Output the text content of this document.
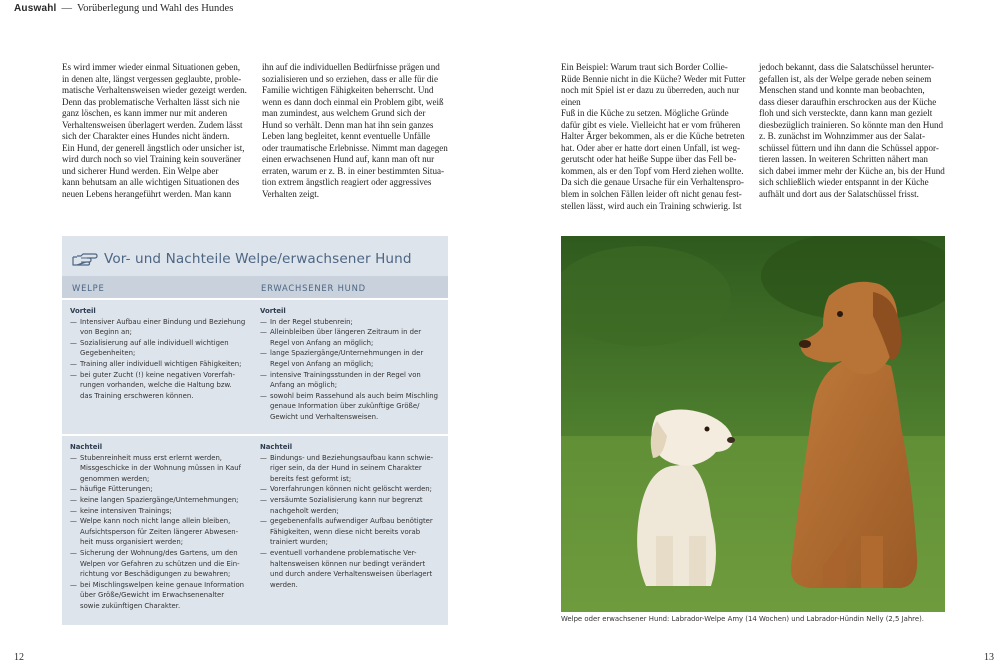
Auswahl — Vorüberlegung und Wahl des Hundes

Es wird immer wieder einmal Situationen geben,
in denen alte, längst vergessen geglaubte, proble-
matische Verhaltensweisen wieder gezeigt werden.
Denn das problematische Verhalten lässt sich nie
ganz löschen, es kann immer nur mit anderen
Verhaltensweisen überlagert werden. Zudem lässt
sich der Charakter eines Hundes nicht ändern.
Ein Hund, der generell ängstlich oder unsicher ist,
wird durch noch so viel Training kein souveräner
und sicherer Hund werden. Ein Welpe aber
kann behutsam an alle wichtigen Situationen des
neuen Lebens herangeführt werden. Man kann

ihn auf die individuellen Bedürfnisse prägen und
sozialisieren und so erziehen, dass er alle für die
Familie wichtigen Fähigkeiten beherrscht. Und
wenn es dann doch einmal ein Problem gibt, weiß
man zumindest, aus welchem Grund sich der
Hund so verhält. Denn man hat ihn sein ganzes
Leben lang begleitet, kennt eventuelle Unfälle
oder traumatische Erlebnisse. Nimmt man dagegen
einen erwachsenen Hund auf, kann man oft nur
erraten, warum er z. B. in einer bestimmten Situa-
tion extrem ängstlich reagiert oder aggressives
Verhalten zeigt.

Ein Beispiel: Warum traut sich Border Collie-
Rüde Bennie nicht in die Küche? Weder mit Futter
noch mit Spiel ist er dazu zu überreden, auch nur einen
Fuß in die Küche zu setzen. Mögliche Gründe
dafür gibt es viele. Vielleicht hat er vom früheren
Halter Ärger bekommen, als er die Küche betreten
hat. Oder aber er hatte dort einen Unfall, ist weg-
gerutscht oder hat heiße Suppe über das Fell be-
kommen, als er den Topf vom Herd ziehen wollte.
Da sich die genaue Ursache für ein Verhaltenspro-
blem in solchen Fällen leider oft nicht genau fest-
stellen lässt, wird auch ein Training schwierig. Ist

jedoch bekannt, dass die Salatschüssel herunter-
gefallen ist, als der Welpe gerade neben seinem
Menschen stand und konnte man beobachten,
dass dieser daraufhin erschrocken aus der Küche
floh und sich versteckte, dann kann man gezielt
diesbezüglich trainieren. So könnte man den Hund
z. B. zunächst im Wohnzimmer aus der Salat-
schüssel füttern und ihn dann die Schüssel appor-
tieren lassen. In weiteren Schritten nähert man
sich dabei immer mehr der Küche an, bis der Hund
sich schließlich wieder entspannt in der Küche
aufhält und dort aus der Salatschüssel frisst.

Vor- und Nachteile Welpe/erwachsener Hund
WELPE	ERWACHSENER HUND
Vorteil
— Intensiver Aufbau einer Bindung und Beziehung
von Beginn an;
— Sozialisierung auf alle individuell wichtigen
Gegebenheiten;
— Training aller individuell wichtigen Fähigkeiten;
— bei guter Zucht (!) keine negativen Vorerfah-
rungen vorhanden, welche die Haltung bzw.
das Training erschweren können.
Vorteil
— In der Regel stubenrein;
— Alleinbleiben über längeren Zeitraum in der
Regel von Anfang an möglich;
— lange Spaziergänge/Unternehmungen in der
Regel von Anfang an möglich;
— intensive Trainingsstunden in der Regel von
Anfang an möglich;
— sowohl beim Rassehund als auch beim Mischling
genaue Information über zukünftige Größe/
Gewicht und Verhaltensweisen.
Nachteil
— Stubenreinheit muss erst erlernt werden,
Missgeschicke in der Wohnung müssen in Kauf
genommen werden;
— häufige Fütterungen;
— keine langen Spaziergänge/Unternehmungen;
— keine intensiven Trainings;
— Welpe kann noch nicht lange allein bleiben,
Aufsichtsperson für Zeiten längerer Abwesen-
heit muss organisiert werden;
— Sicherung der Wohnung/des Gartens, um den
Welpen vor Gefahren zu schützen und die Ein-
richtung vor Beschädigungen zu bewahren;
— bei Mischlingswelpen keine genaue Information
über Größe/Gewicht im Erwachsenenalter
sowie zukünftigen Charakter.
Nachteil
— Bindungs- und Beziehungsaufbau kann schwie-
riger sein, da der Hund in seinem Charakter
bereits fest geformt ist;
— Vorerfahrungen können nicht gelöscht werden;
— versäumte Sozialisierung kann nur begrenzt
nachgeholt werden;
— gegebenenfalls aufwendiger Aufbau benötigter
Fähigkeiten, wenn diese nicht bereits vorab
trainiert wurden;
— eventuell vorhandene problematische Ver-
haltensweisen können nur bedingt verändert
und durch andere Verhaltensweisen überlagert
werden.
Welpe oder erwachsener Hund: Labrador-Welpe Amy (14 Wochen) und Labrador-Hündin Nelly (2,5 Jahre).
12	13
